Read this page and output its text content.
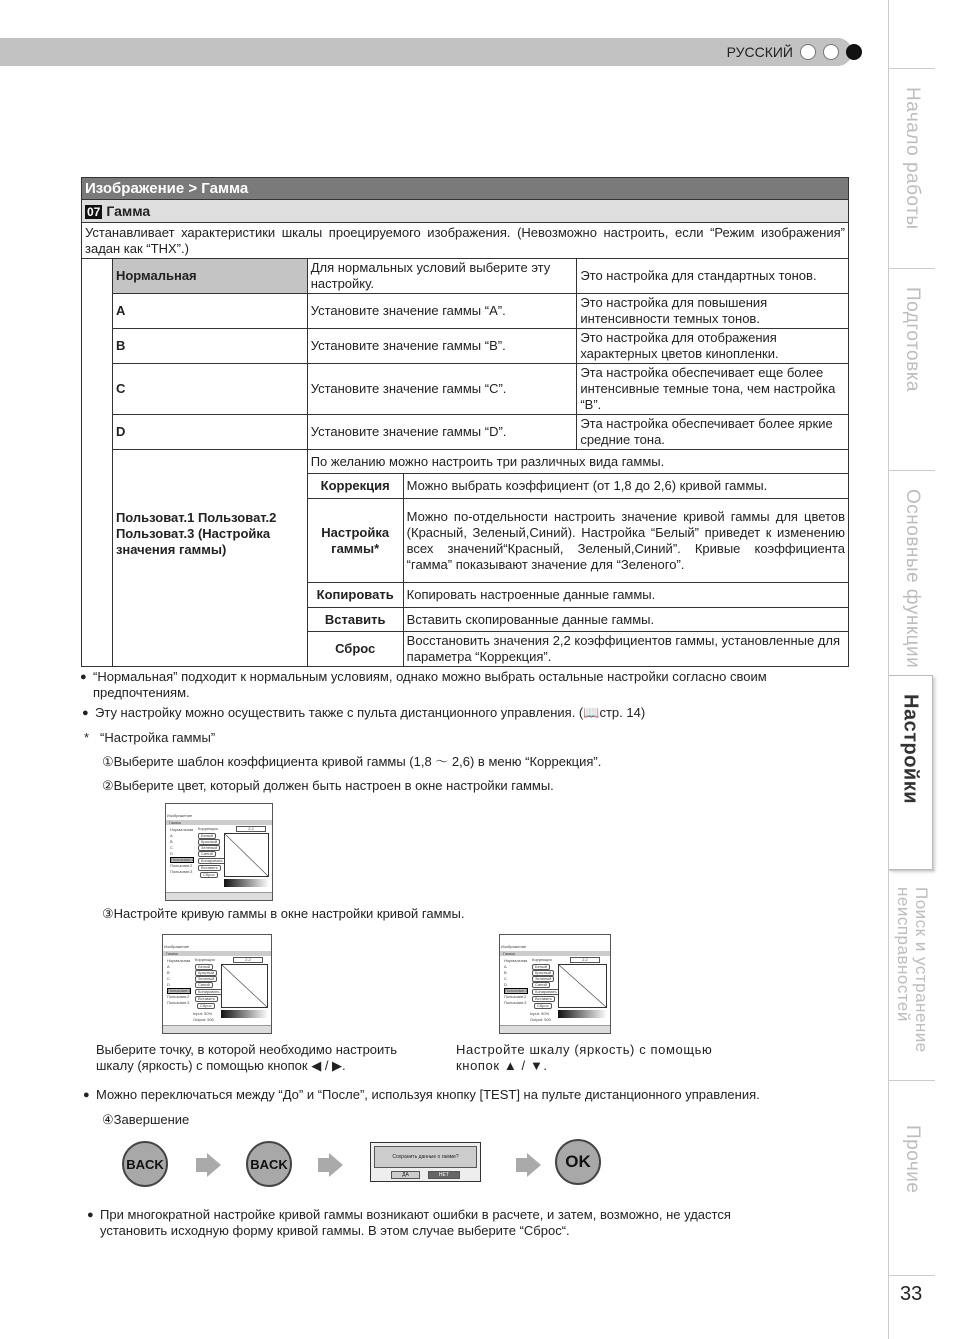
РУССКИЙ
Начало работы
Подготовка
Основные функции
Настройки
Поиск и устранение неисправностей
Прочие
33
Изображение > Гамма				
07 Гамма				
Устанавливает характеристики шкалы проецируемого изображения. (Невозможно настроить, если “Режим изображения” задан как “THX”.)				
	Нормальная	Для нормальных условий выберите эту настройку.		Это настройка для стандартных тонов.
	A	Установите значение гаммы “A”.		Это настройка для повышения интенсивности темных тонов.
	B	Установите значение гаммы “B”.		Это настройка для отображения характерных цветов кинопленки.
	C	Установите значение гаммы “C”.		Эта настройка обеспечивает еще более интенсивные темные тона, чем настройка “B”.
	D	Установите значение гаммы “D”.		Эта настройка обеспечивает более яркие средние тона.
	Пользоват.1 Пользоват.2 Пользоват.3 (Настройка значения гаммы)	По желанию можно настроить три различных вида гаммы.		
		Коррекция	Можно выбрать коэффициент (от 1,8 до 2,6) кривой гаммы.	
		Настройка гаммы*	Можно по-отдельности настроить значение кривой гаммы для цветов (Красный, Зеленый,Синий). Настройка “Белый” приведет к изменению всех значений“Красный, Зеленый,Синий”. Кривые коэффициента “гамма” показывают значение для “Зеленого”.	
		Копировать	Копировать настроенные данные гаммы.	
		Вставить	Вставить скопированные данные гаммы.	
		Сброс	Восстановить значения 2,2 коэффициентов гаммы, установленные для параметра “Коррекция”.	
● “Нормальная” подходит к нормальным условиям, однако можно выбрать остальные настройки согласно своим предпочтениям.
● Эту настройку можно осуществить также с пульта дистанционного управления. (📖стр. 14)
* “Настройка гаммы”
①Выберите шаблон коэффициента кривой гаммы (1,8 ～ 2,6) в меню “Коррекция”.
②Выберите цвет, который должен быть настроен в окне настройки гаммы.
③Настройте кривую гаммы в окне настройки кривой гаммы.
Выберите точку, в которой необходимо настроить шкалу (яркость) с помощью кнопок ◀ / ▶.
Настройте шкалу (яркость) с помощью кнопок ▲ / ▼.
● Можно переключаться между “До” и “После”, используя кнопку [TEST] на пульте дистанционного управления.
④Завершение
● При многократной настройке кривой гаммы возникают ошибки в расчете, и затем, возможно, не удастся установить исходную форму кривой гаммы. В этом случае выберите “Сброс“.
Изображение
Гамма
Нормальная
A
B
C
D
Пользоват.1
Пользоват.2
Пользоват.3
Коррекция	2.2
Белый
Красный
Зеленый
Синий
Копировать
Вставить
Сброс
Изображение
Гамма
Нормальная
A
B
C
D
Пользоват.1
Пользоват.2
Пользоват.3
Коррекция	2.2
Белый
Красный
Зеленый
Синий
Копировать
Вставить
Сброс
Input: 50%
Output: 500
Изображение
Гамма
Нормальная
A
B
C
D
Пользоват.1
Пользоват.2
Пользоват.3
Коррекция	2.2
Белый
Красный
Зеленый
Синий
Копировать
Вставить
Сброс
Input: 50%
Output: 500
BACK	BACK	Сохранить данные о гамме?
ДА	НЕТ
OK
